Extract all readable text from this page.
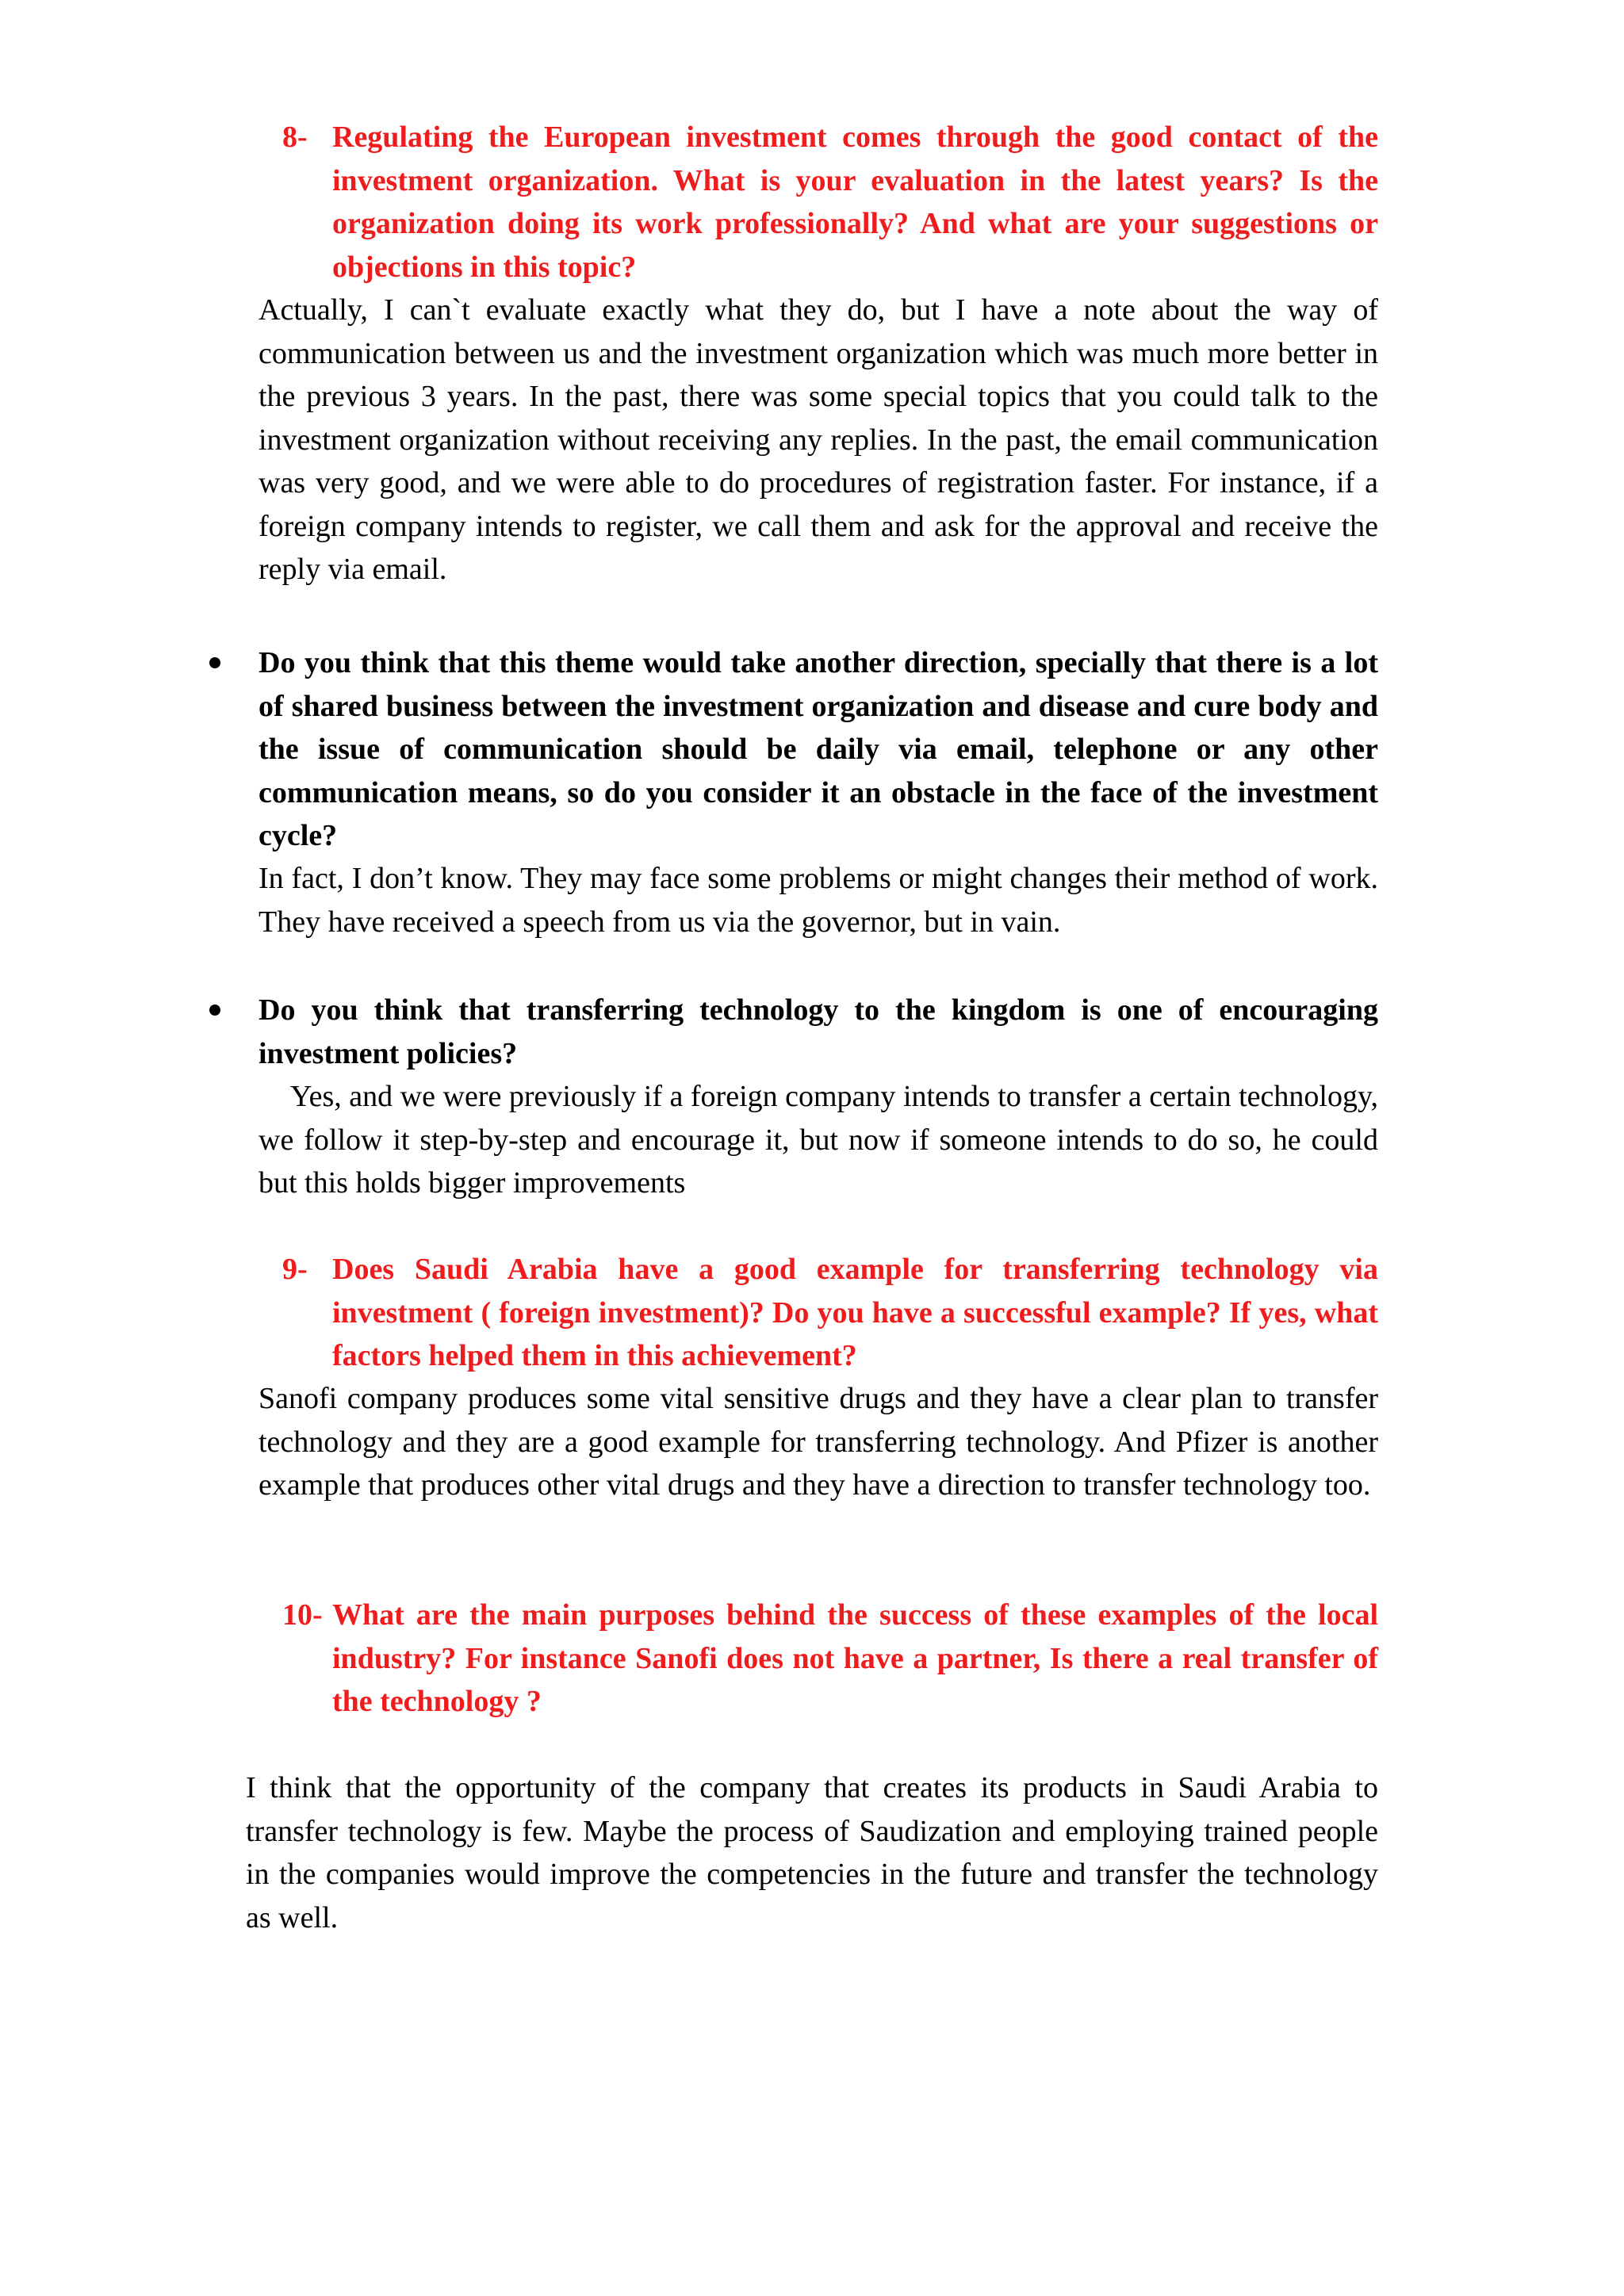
8- Regulating the European investment comes through the good contact of the investment organization. What is your evaluation in the latest years? Is the organization doing its work professionally? And what are your suggestions or objections in this topic?
Actually, I can`t evaluate exactly what they do, but I have a note about the way of communication between us and the investment organization which was much more better in the previous 3 years. In the past, there was some special topics that you could talk to the investment organization without receiving any replies. In the past, the email communication was very good, and we were able to do procedures of registration faster. For instance, if a foreign company intends to register, we call them and ask for the approval and receive the reply via email.
Do you think that this theme would take another direction, specially that there is a lot of shared business between the investment organization and disease and cure body and the issue of communication should be daily via email, telephone or any other communication means, so do you consider it an obstacle in the face of the investment cycle?
In fact, I don’t know. They may face some problems or might changes their method of work. They have received a speech from us via the governor, but in vain.
Do you think that transferring technology to the kingdom is one of encouraging investment policies?
Yes, and we were previously if a foreign company intends to transfer a certain technology, we follow it step-by-step and encourage it, but now if someone intends to do so, he could but this holds bigger improvements
9- Does Saudi Arabia have a good example for transferring technology via investment ( foreign investment)? Do you have a successful example? If yes, what factors helped them in this achievement?
Sanofi company produces some vital sensitive drugs and they have a clear plan to transfer technology and they are a good example for transferring technology. And Pfizer is another example that produces other vital drugs and they have a direction to transfer technology too.
10- What are the main purposes behind the success of these examples of the local industry? For instance Sanofi does not have a partner, Is there a real transfer of the technology ?
I think that the opportunity of the company that creates its products in Saudi Arabia to transfer technology is few. Maybe the process of Saudization and employing trained people in the companies would improve the competencies in the future and transfer the technology as well.
